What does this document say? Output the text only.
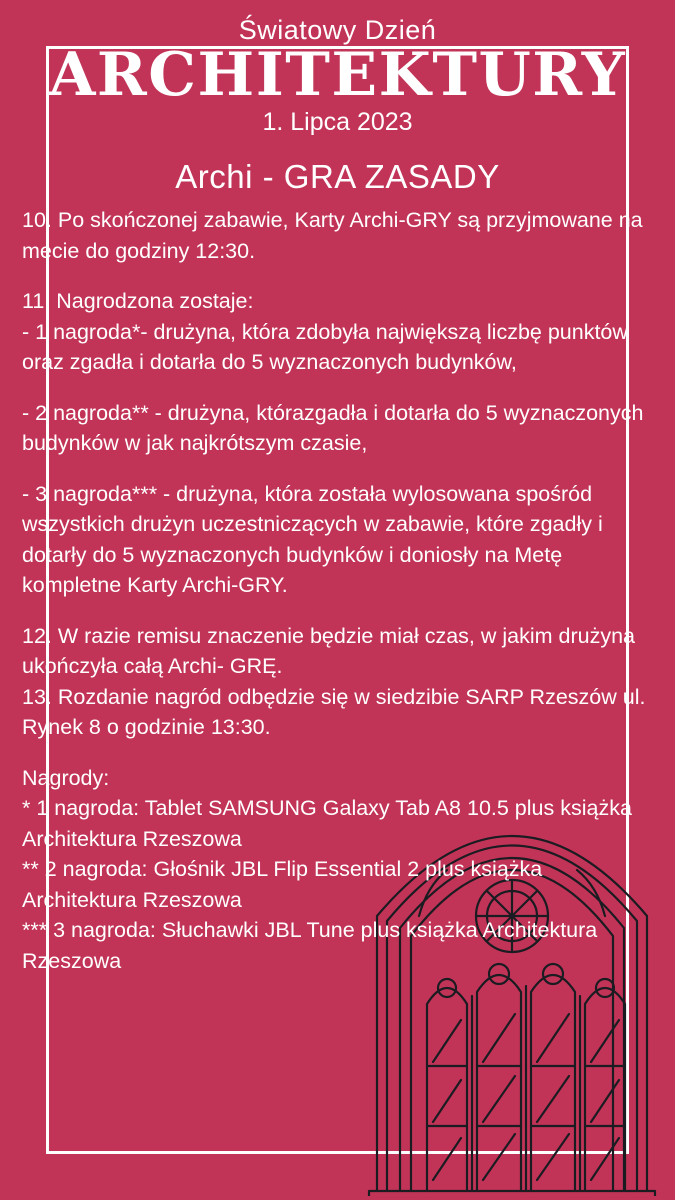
Światowy Dzień

ARCHITEKTURY

1. Lipca 2023

Archi - GRA ZASADY

10. Po skończonej zabawie, Karty Archi-GRY są przyjmowane na mecie do godziny 12:30.

11. Nagrodzona zostaje:

- 1 nagroda*- drużyna, która zdobyła największą liczbę punktów oraz zgadła i dotarła do 5 wyznaczonych budynków,

- 2 nagroda** - drużyna, którazgadła i dotarła do 5 wyznaczonych budynków w jak najkrótszym czasie,

- 3 nagroda*** - drużyna, która została wylosowana spośród wszystkich drużyn uczestniczących w zabawie, które zgadły i dotarły do 5 wyznaczonych budynków i doniosły na Metę kompletne Karty Archi-GRY.

12. W razie remisu znaczenie będzie miał czas, w jakim drużyna ukończyła całą Archi- GRĘ.

13. Rozdanie nagród odbędzie się w siedzibie SARP Rzeszów ul. Rynek 8 o godzinie 13:30.

Nagrody:

* 1 nagroda: Tablet SAMSUNG Galaxy Tab A8 10.5 plus książka Architektura Rzeszowa

** 2 nagroda: Głośnik JBL Flip Essential 2 plus książka Architektura Rzeszowa

*** 3 nagroda: Słuchawki JBL Tune plus książka Architektura Rzeszowa
